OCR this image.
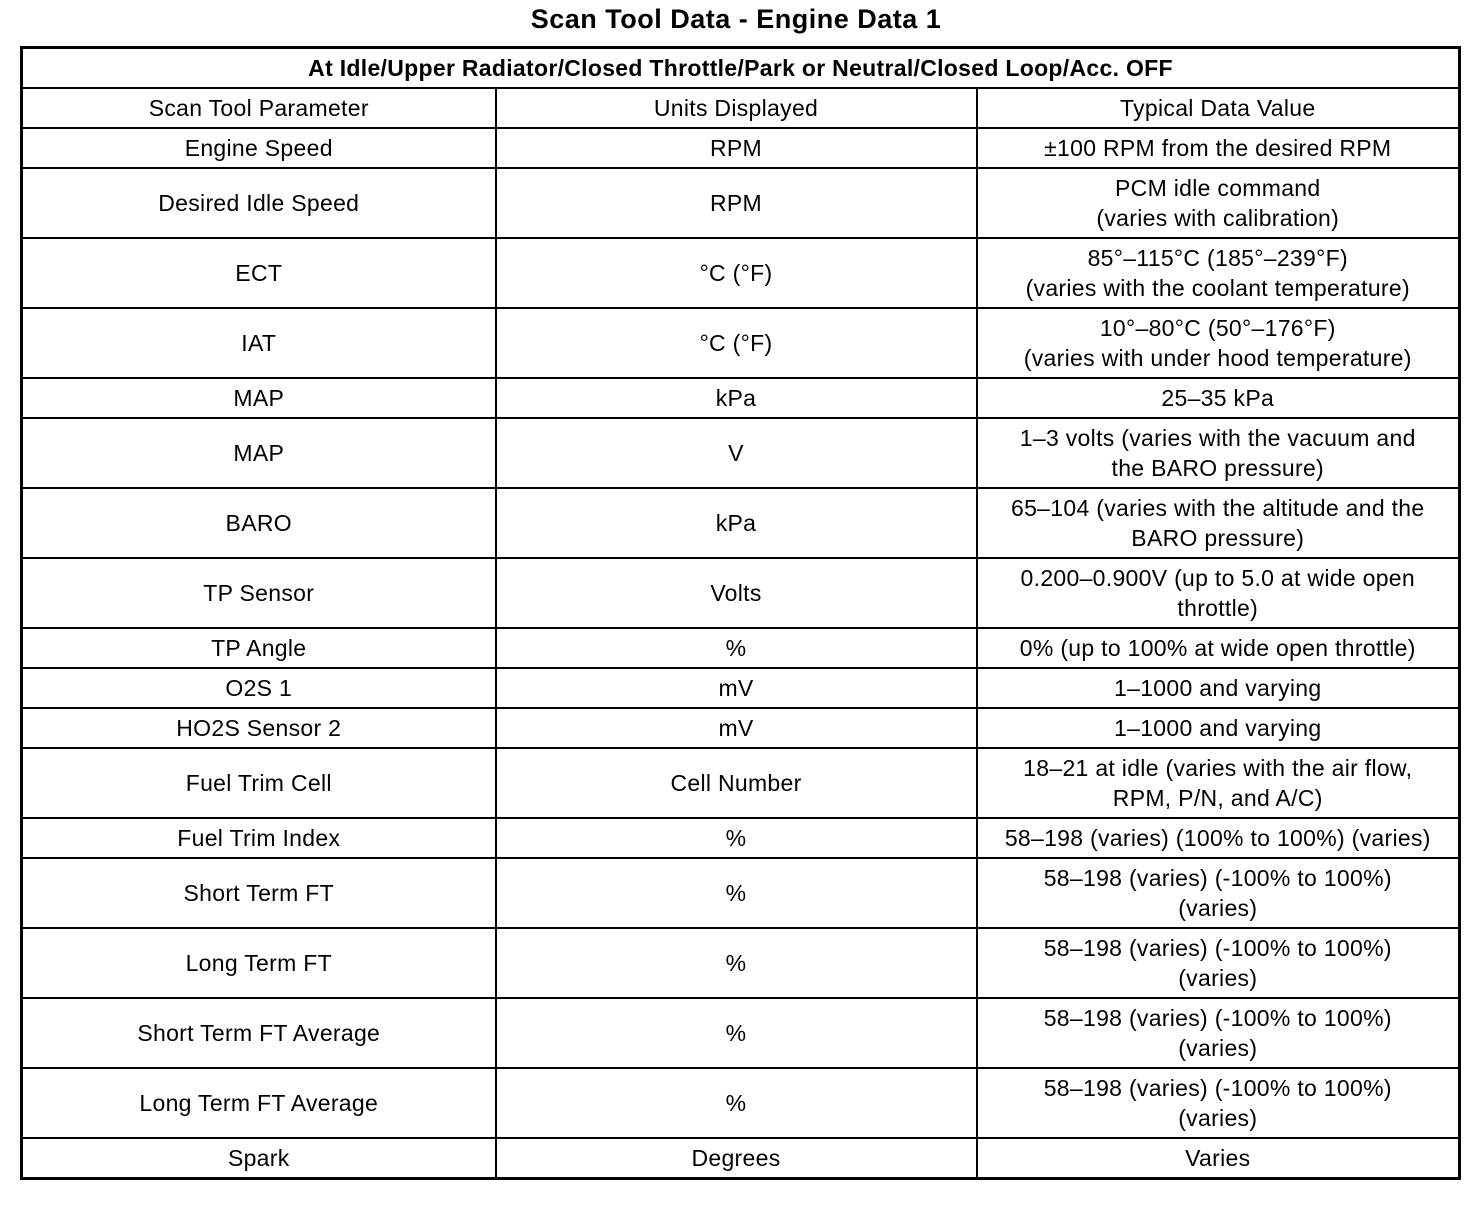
Scan Tool Data - Engine Data 1
At Idle/Upper Radiator/Closed Throttle/Park or Neutral/Closed Loop/Acc. OFF		
Scan Tool Parameter	Units Displayed	Typical Data Value
Engine Speed	RPM	±100 RPM from the desired RPM
Desired Idle Speed	RPM	PCM idle command
(varies with calibration)
ECT	°C (°F)	85°–115°C (185°–239°F)
(varies with the coolant temperature)
IAT	°C (°F)	10°–80°C (50°–176°F)
(varies with under hood temperature)
MAP	kPa	25–35 kPa
MAP	V	1–3 volts (varies with the vacuum and
the BARO pressure)
BARO	kPa	65–104 (varies with the altitude and the
BARO pressure)
TP Sensor	Volts	0.200–0.900V (up to 5.0 at wide open
throttle)
TP Angle	%	0% (up to 100% at wide open throttle)
O2S 1	mV	1–1000 and varying
HO2S Sensor 2	mV	1–1000 and varying
Fuel Trim Cell	Cell Number	18–21 at idle (varies with the air flow,
RPM, P/N, and A/C)
Fuel Trim Index	%	58–198 (varies) (100% to 100%) (varies)
Short Term FT	%	58–198 (varies) (-100% to 100%)
(varies)
Long Term FT	%	58–198 (varies) (-100% to 100%)
(varies)
Short Term FT Average	%	58–198 (varies) (-100% to 100%)
(varies)
Long Term FT Average	%	58–198 (varies) (-100% to 100%)
(varies)
Spark	Degrees	Varies
